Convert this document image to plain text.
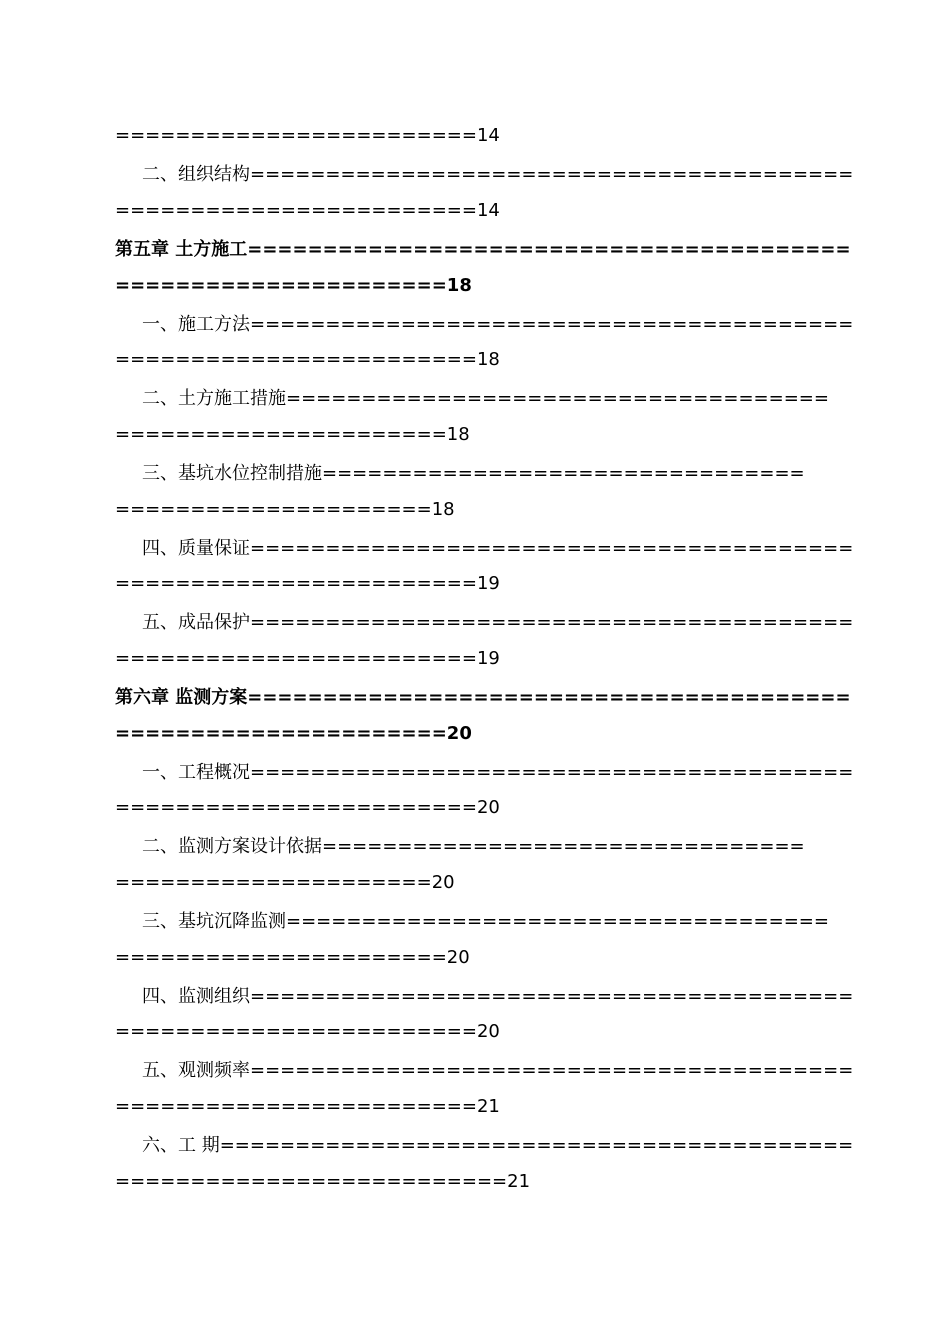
========================14
二、组织结构========================================
========================14
第五章 土方施工========================================
======================18
一、施工方法========================================
========================18
二、土方施工措施====================================
======================18
三、基坑水位控制措施================================
=====================18
四、质量保证========================================
========================19
五、成品保护========================================
========================19
第六章 监测方案========================================
======================20
一、工程概况========================================
========================20
二、监测方案设计依据================================
=====================20
三、基坑沉降监测====================================
======================20
四、监测组织========================================
========================20
五、观测频率========================================
========================21
六、工 期==========================================
==========================21
